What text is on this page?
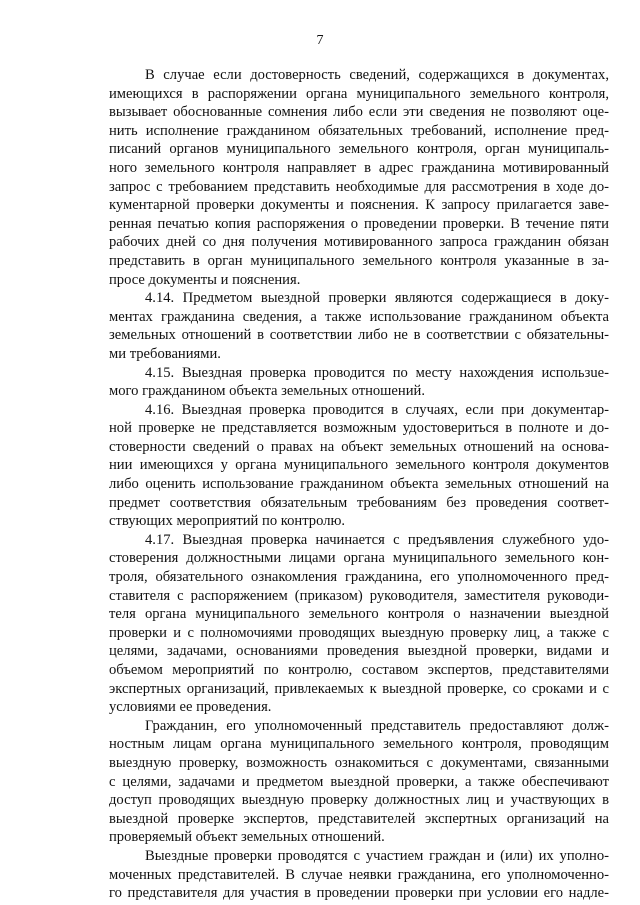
7
В случае если достоверность сведений, содержащихся в документах,
имеющихся в распоряжении органа муниципального земельного контроля,
вызывает обоснованные сомнения либо если эти сведения не позволяют оце-
нить исполнение гражданином обязательных требований, исполнение пред-
писаний органов муниципального земельного контроля, орган муниципаль-
ного земельного контроля направляет в адрес гражданина мотивированный
запрос с требованием представить необходимые для рассмотрения в ходе до-
кументарной проверки документы и пояснения. К запросу прилагается заве-
ренная печатью копия распоряжения о проведении проверки. В течение пяти
рабочих дней со дня получения мотивированного запроса гражданин обязан
представить в орган муниципального земельного контроля указанные в за-
просе документы и пояснения.
4.14. Предметом выездной проверки являются содержащиеся в доку-
ментах гражданина сведения, а также использование гражданином объекта
земельных отношений в соответствии либо не в соответствии с обязательны-
ми требованиями.
4.15. Выездная проверка проводится по месту нахождения использue-
мого гражданином объекта земельных отношений.
4.16. Выездная проверка проводится в случаях, если при документар-
ной проверке не представляется возможным удостовериться в полноте и до-
стоверности сведений о правах на объект земельных отношений на основа-
нии имеющихся у органа муниципального земельного контроля документов
либо оценить использование гражданином объекта земельных отношений на
предмет соответствия обязательным требованиям без проведения соответ-
ствующих мероприятий по контролю.
4.17. Выездная проверка начинается с предъявления служебного удо-
стоверения должностными лицами органа муниципального земельного кон-
троля, обязательного ознакомления гражданина, его уполномоченного пред-
ставителя с распоряжением (приказом) руководителя, заместителя руководи-
теля органа муниципального земельного контроля о назначении выездной
проверки и с полномочиями проводящих выездную проверку лиц, а также с
целями, задачами, основаниями проведения выездной проверки, видами и
объемом мероприятий по контролю, составом экспертов, представителями
экспертных организаций, привлекаемых к выездной проверке, со сроками и с
условиями ее проведения.
Гражданин, его уполномоченный представитель предоставляют долж-
ностным лицам органа муниципального земельного контроля, проводящим
выездную проверку, возможность ознакомиться с документами, связанными
с целями, задачами и предметом выездной проверки, а также обеспечивают
доступ проводящих выездную проверку должностных лиц и участвующих в
выездной проверке экспертов, представителей экспертных организаций на
проверяемый объект земельных отношений.
Выездные проверки проводятся с участием граждан и (или) их уполно-
моченных представителей. В случае неявки гражданина, его уполномоченно-
го представителя для участия в проведении проверки при условии его надле-
